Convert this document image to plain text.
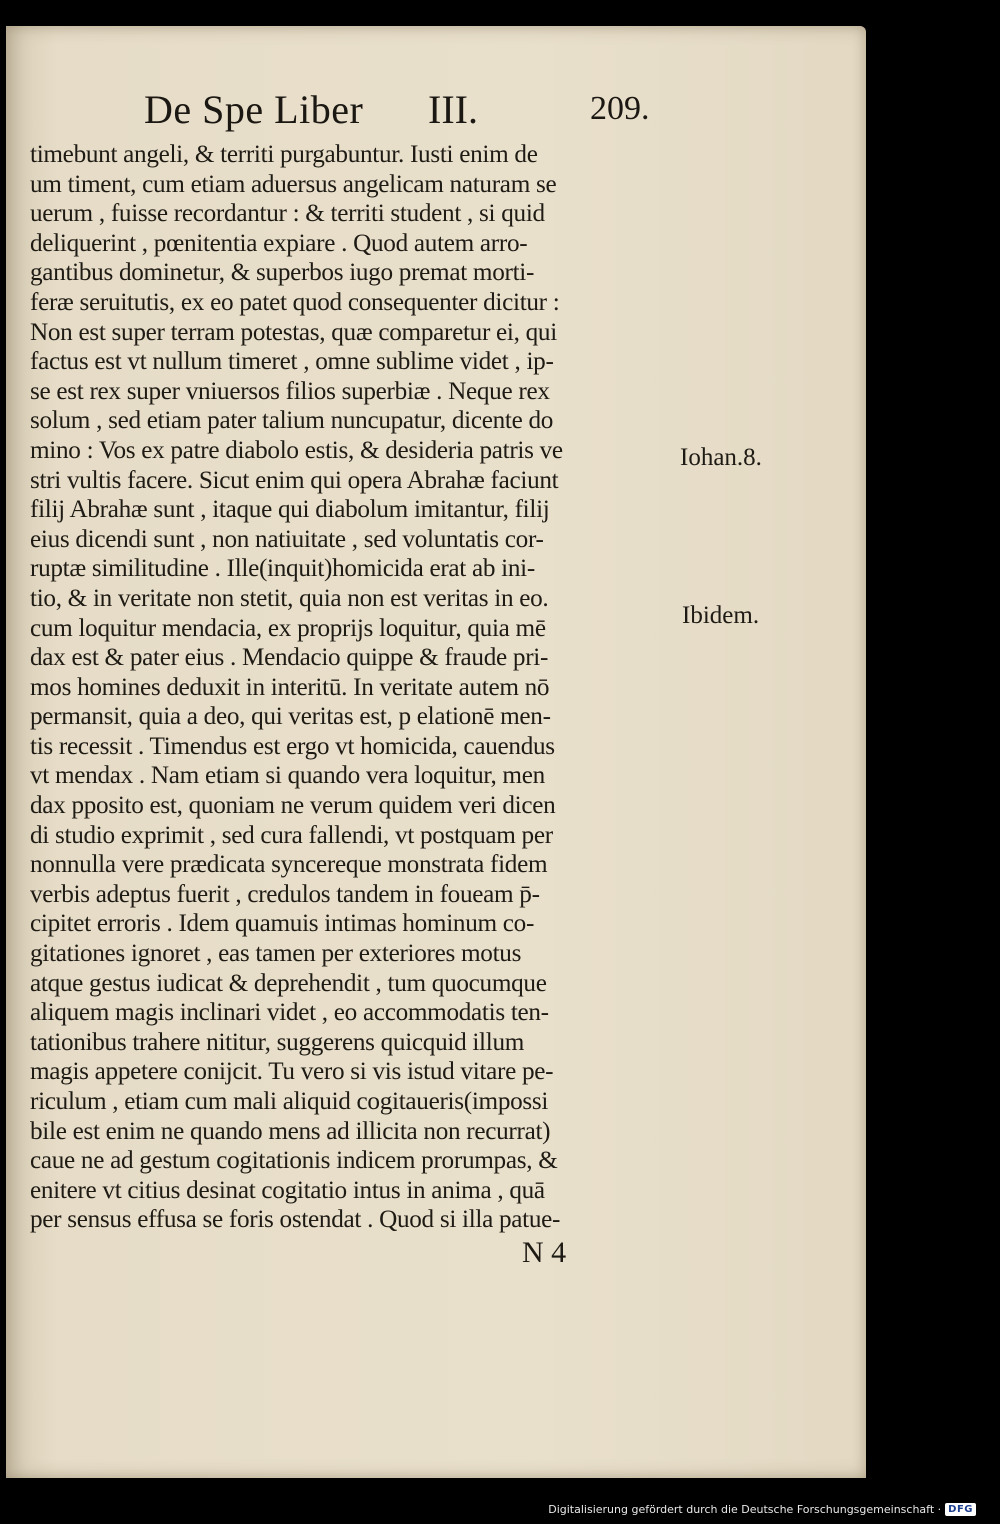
De Spe Liber III.	209.
timebunt angeli, & territi purgabuntur. Iusti enim de
um timent, cum etiam aduersus angelicam naturam se
uerum , fuisse recordantur : & territi student , si quid
deliquerint , pœnitentia expiare . Quod autem arro-
gantibus dominetur, & superbos iugo premat morti-
feræ seruitutis, ex eo patet quod consequenter dicitur :
Non est super terram potestas, quæ comparetur ei, qui
factus est vt nullum timeret , omne sublime videt , ip-
se est rex super vniuersos filios superbiæ . Neque rex
solum , sed etiam pater talium nuncupatur, dicente do
mino : Vos ex patre diabolo estis, & desideria patris ve
stri vultis facere. Sicut enim qui opera Abrahæ faciunt
filij Abrahæ sunt , itaque qui diabolum imitantur, filij
eius dicendi sunt , non natiuitate , sed voluntatis cor-
ruptæ similitudine . Ille(inquit)homicida erat ab ini-
tio, & in veritate non stetit, quia non est veritas in eo.
cum loquitur mendacia, ex proprijs loquitur, quia mē
dax est & pater eius . Mendacio quippe & fraude pri-
mos homines deduxit in interitū. In veritate autem nō
permansit, quia a deo, qui veritas est, p elationē men-
tis recessit . Timendus est ergo vt homicida, cauendus
vt mendax . Nam etiam si quando vera loquitur, men
dax pposito est, quoniam ne verum quidem veri dicen
di studio exprimit , sed cura fallendi, vt postquam per
nonnulla vere prædicata syncereque monstrata fidem
verbis adeptus fuerit , credulos tandem in foueam p̄-
cipitet erroris . Idem quamuis intimas hominum co-
gitationes ignoret , eas tamen per exteriores motus
atque gestus iudicat & deprehendit , tum quocumque
aliquem magis inclinari videt , eo accommodatis ten-
tationibus trahere nititur, suggerens quicquid illum
magis appetere conijcit. Tu vero si vis istud vitare pe-
riculum , etiam cum mali aliquid cogitaueris(impossi
bile est enim ne quando mens ad illicita non recurrat)
caue ne ad gestum cogitationis indicem prorumpas, &
enitere vt citius desinat cogitatio intus in anima , quā
per sensus effusa se foris ostendat . Quod si illa patue-
Iohan.8.
Ibidem.
N 4
Digitalisierung gefördert durch die Deutsche Forschungsgemeinschaft · DFG
